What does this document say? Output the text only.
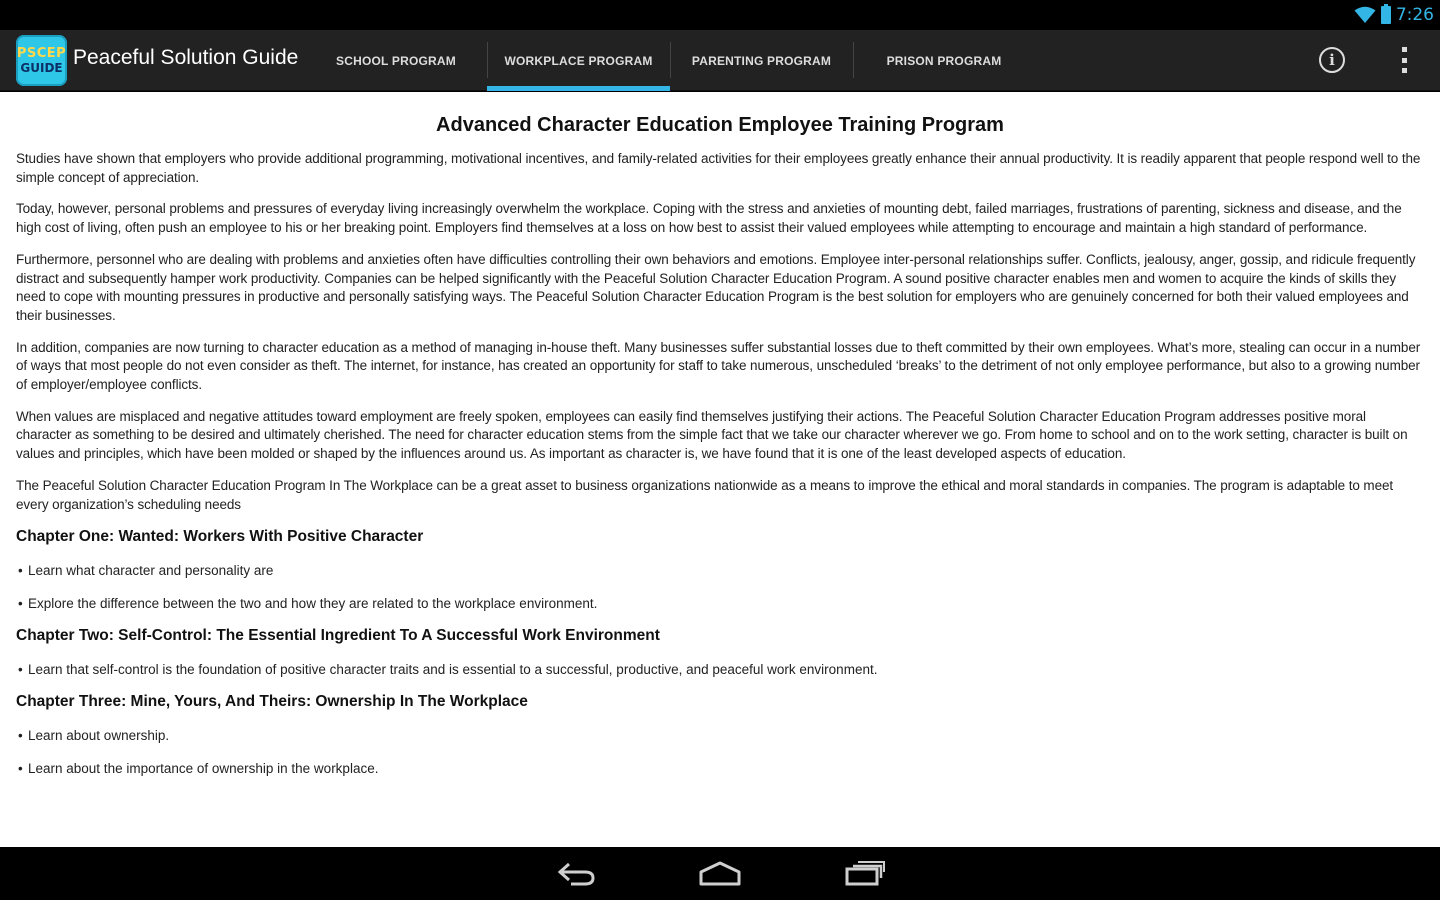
7:26
PSCEP
GUIDE Peaceful Solution Guide	SCHOOL PROGRAM	WORKPLACE PROGRAM	PARENTING PROGRAM	PRISON PROGRAM	i
Advanced Character Education Employee Training Program

Studies have shown that employers who provide additional programming, motivational incentives, and family-related activities for their employees greatly enhance their annual productivity. It is readily apparent that people respond well to the simple concept of appreciation.

Today, however, personal problems and pressures of everyday living increasingly overwhelm the workplace. Coping with the stress and anxieties of mounting debt, failed marriages, frustrations of parenting, sickness and disease, and the high cost of living, often push an employee to his or her breaking point. Employers find themselves at a loss on how best to assist their valued employees while attempting to encourage and maintain a high standard of performance.

Furthermore, personnel who are dealing with problems and anxieties often have difficulties controlling their own behaviors and emotions. Employee inter-personal relationships suffer. Conflicts, jealousy, anger, gossip, and ridicule frequently distract and subsequently hamper work productivity. Companies can be helped significantly with the Peaceful Solution Character Education Program. A sound positive character enables men and women to acquire the kinds of skills they need to cope with mounting pressures in productive and personally satisfying ways. The Peaceful Solution Character Education Program is the best solution for employers who are genuinely concerned for both their valued employees and their businesses.

In addition, companies are now turning to character education as a method of managing in-house theft. Many businesses suffer substantial losses due to theft committed by their own employees. What’s more, stealing can occur in a number of ways that most people do not even consider as theft. The internet, for instance, has created an opportunity for staff to take numerous, unscheduled ‘breaks’ to the detriment of not only employee performance, but also to a growing number of employer/employee conflicts.

When values are misplaced and negative attitudes toward employment are freely spoken, employees can easily find themselves justifying their actions. The Peaceful Solution Character Education Program addresses positive moral character as something to be desired and ultimately cherished. The need for character education stems from the simple fact that we take our character wherever we go. From home to school and on to the work setting, character is built on values and principles, which have been molded or shaped by the influences around us. As important as character is, we have found that it is one of the least developed aspects of education.

The Peaceful Solution Character Education Program In The Workplace can be a great asset to business organizations nationwide as a means to improve the ethical and moral standards in companies. The program is adaptable to meet every organization’s scheduling needs

Chapter One: Wanted: Workers With Positive Character
• Learn what character and personality are
• Explore the difference between the two and how they are related to the workplace environment.
Chapter Two: Self-Control: The Essential Ingredient To A Successful Work Environment
• Learn that self-control is the foundation of positive character traits and is essential to a successful, productive, and peaceful work environment.
Chapter Three: Mine, Yours, And Theirs: Ownership In The Workplace
• Learn about ownership.
• Learn about the importance of ownership in the workplace.
